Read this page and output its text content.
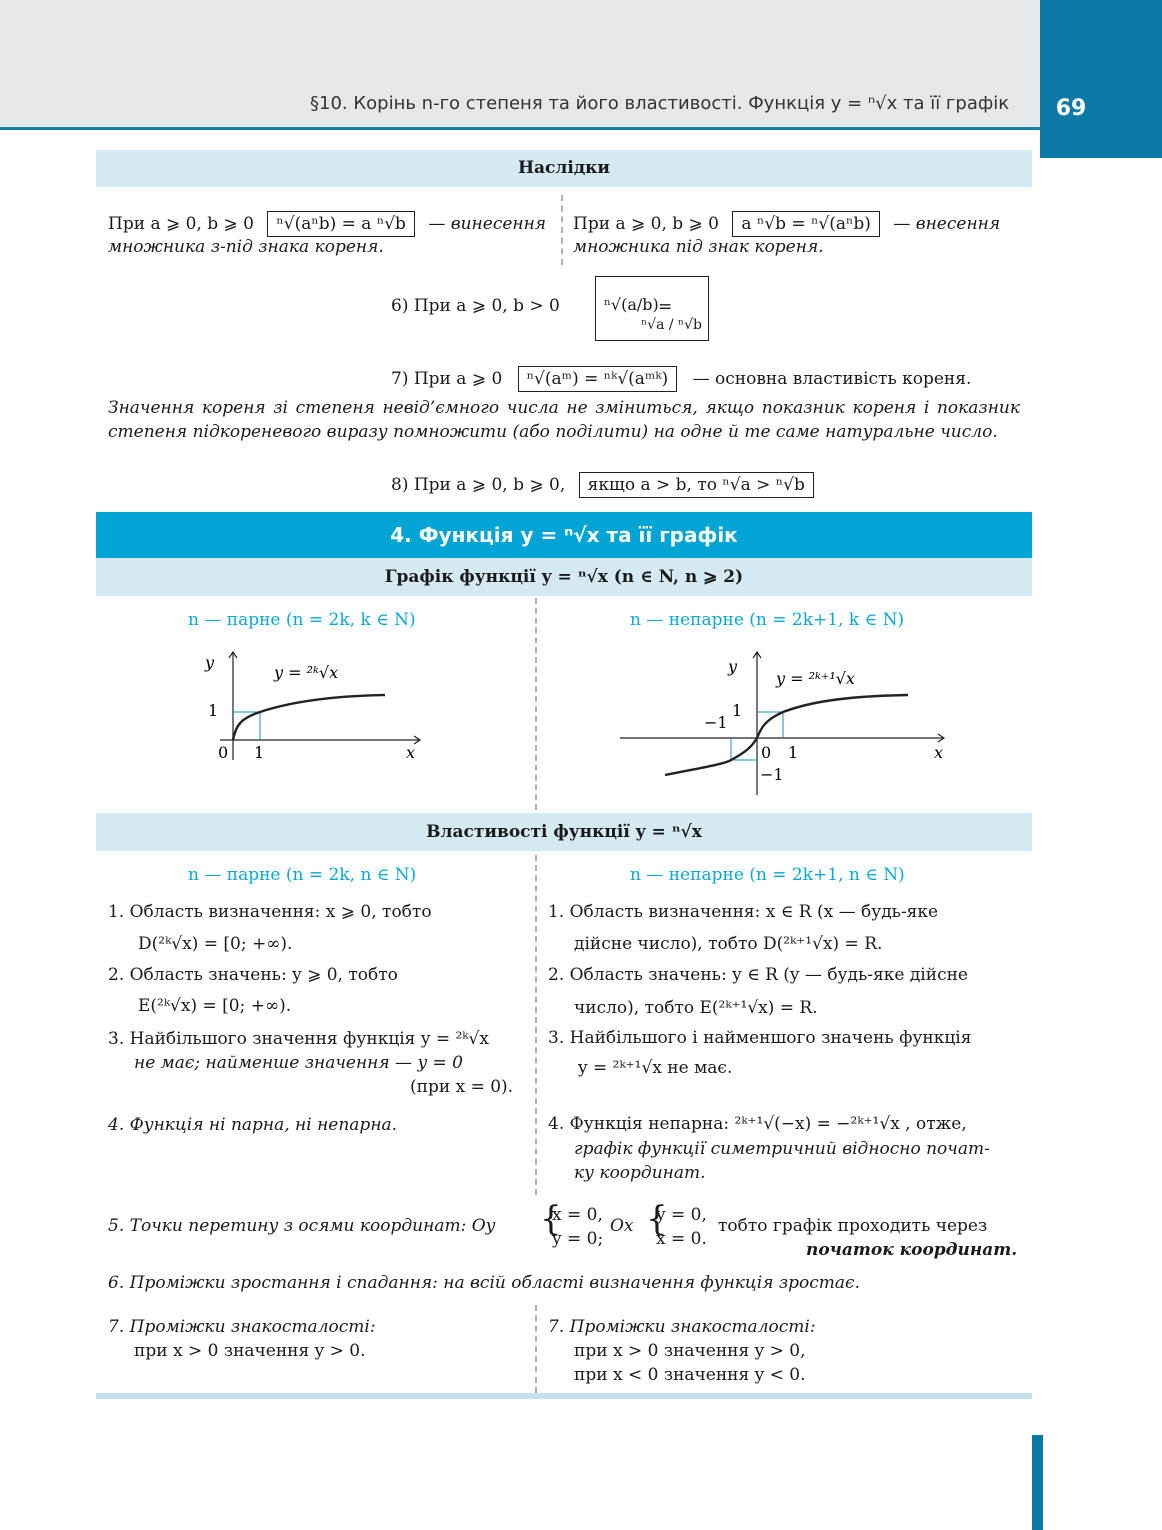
§10. Корінь n-го степеня та його властивості. Функція y = ⁿ√x та її графік	69
Наслідки
При a ⩾ 0, b ⩾ 0 ⁿ√(aⁿb) = a ⁿ√b — винесення
множника з-під знака кореня.
При a ⩾ 0, b ⩾ 0 a ⁿ√b = ⁿ√(aⁿb) — внесення
множника під знак кореня.
6) При a ⩾ 0, b > 0	ⁿ√(a/b) =
ⁿ√a / ⁿ√b
7) При a ⩾ 0 ⁿ√(aᵐ) = ⁿᵏ√(aᵐᵏ) — основна властивість кореня.
Значення кореня зі степеня невід’ємного числа не зміниться, якщо показник кореня і показник степеня підкореневого виразу помножити (або поділити) на одне й те саме натуральне число.
8) При a ⩾ 0, b ⩾ 0, якщо a > b, то ⁿ√a > ⁿ√b
4. Функція y = ⁿ√x та її графік
Графік функції y = ⁿ√x (n ∈ N, n ⩾ 2)
n — парне (n = 2k, k ∈ N)	n — непарне (n = 2k+1, k ∈ N)
y
x
y = ²ᵏ√x
1
0 1
y
x
y = ²ᵏ⁺¹√x
1
−1
0 1
−1
Властивості функції y = ⁿ√x
n — парне (n = 2k, n ∈ N)	n — непарне (n = 2k+1, n ∈ N)
1. Область визначення: x ⩾ 0, тобто
D(²ᵏ√x) = [0; +∞).
2. Область значень: y ⩾ 0, тобто
E(²ᵏ√x) = [0; +∞).
3. Найбільшого значення функція y = ²ᵏ√x
не має; найменше значення — y = 0
(при x = 0).
4. Функція ні парна, ні непарна.
1. Область визначення: x ∈ R (x — будь-яке
дійсне число), тобто D(²ᵏ⁺¹√x) = R.
2. Область значень: y ∈ R (y — будь-яке дійсне
число), тобто E(²ᵏ⁺¹√x) = R.
3. Найбільшого і найменшого значень функція
y = ²ᵏ⁺¹√x не має.
4. Функція непарна: ²ᵏ⁺¹√(−x) = −²ᵏ⁺¹√x , отже,
графік функції симетричний відносно почат-
ку координат.
5. Точки перетину з осями координат: Oy {
x = 0,
y = 0;
Ox {
y = 0,
x = 0.
тобто графік проходить через
початок координат.
6. Проміжки зростання і спадання: на всій області визначення функція зростає.
7. Проміжки знакосталості:
при x > 0 значення y > 0.
7. Проміжки знакосталості:
при x > 0 значення y > 0,
при x < 0 значення y < 0.
